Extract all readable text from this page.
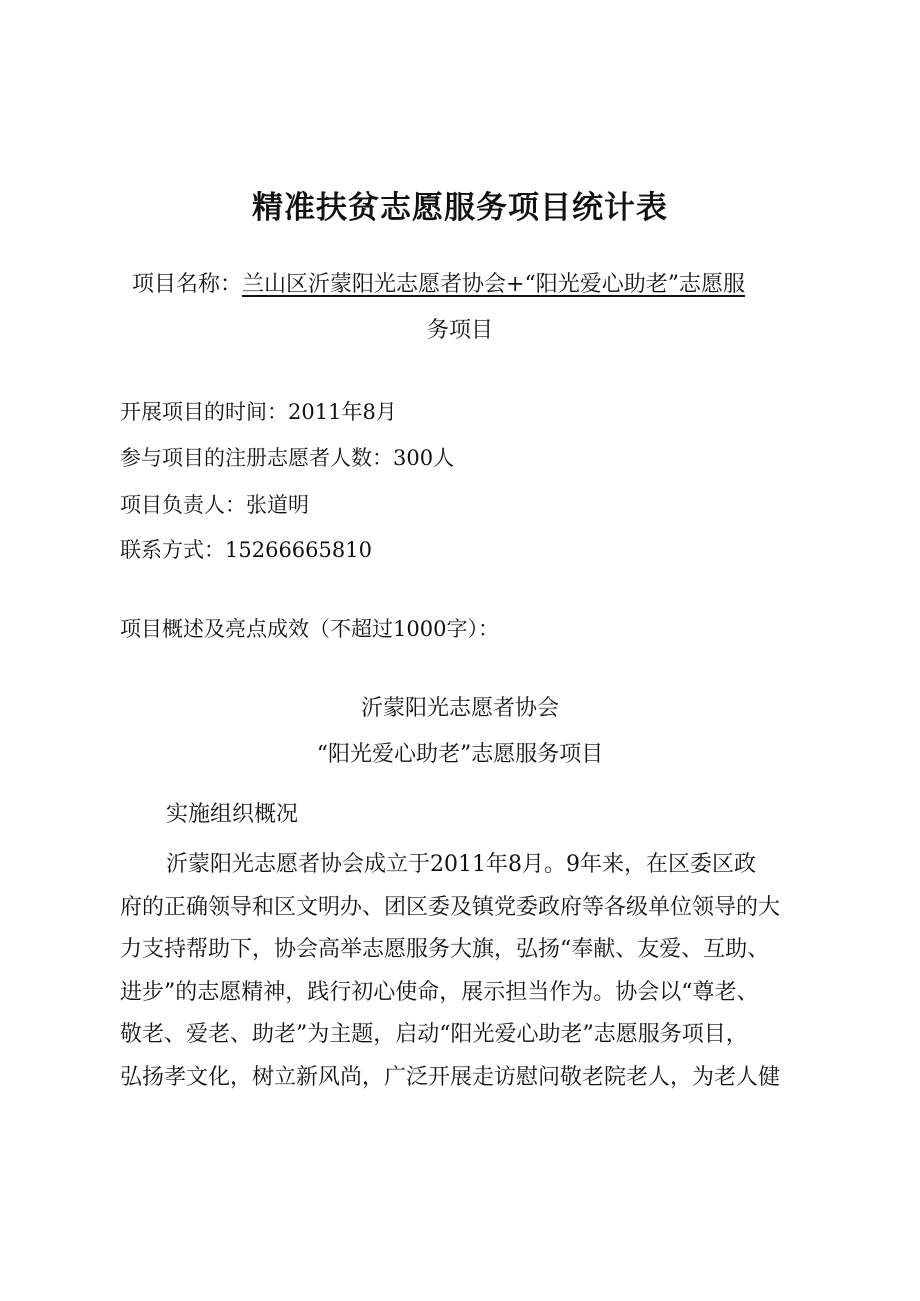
精准扶贫志愿服务项目统计表
项目名称：兰山区沂蒙阳光志愿者协会+“阳光爱心助老”志愿服
务项目
开展项目的时间：2011年8月
参与项目的注册志愿者人数：300人
项目负责人：张道明
联系方式：15266665810
项目概述及亮点成效（不超过1000字）：
沂蒙阳光志愿者协会
“阳光爱心助老”志愿服务项目
实施组织概况
沂蒙阳光志愿者协会成立于2011年8月。9年来，在区委区政
府的正确领导和区文明办、团区委及镇党委政府等各级单位领导的大
力支持帮助下，协会高举志愿服务大旗，弘扬“奉献、友爱、互助、
进步”的志愿精神，践行初心使命，展示担当作为。协会以“尊老、
敬老、爱老、助老”为主题，启动“阳光爱心助老”志愿服务项目，
弘扬孝文化，树立新风尚，广泛开展走访慰问敬老院老人，为老人健
